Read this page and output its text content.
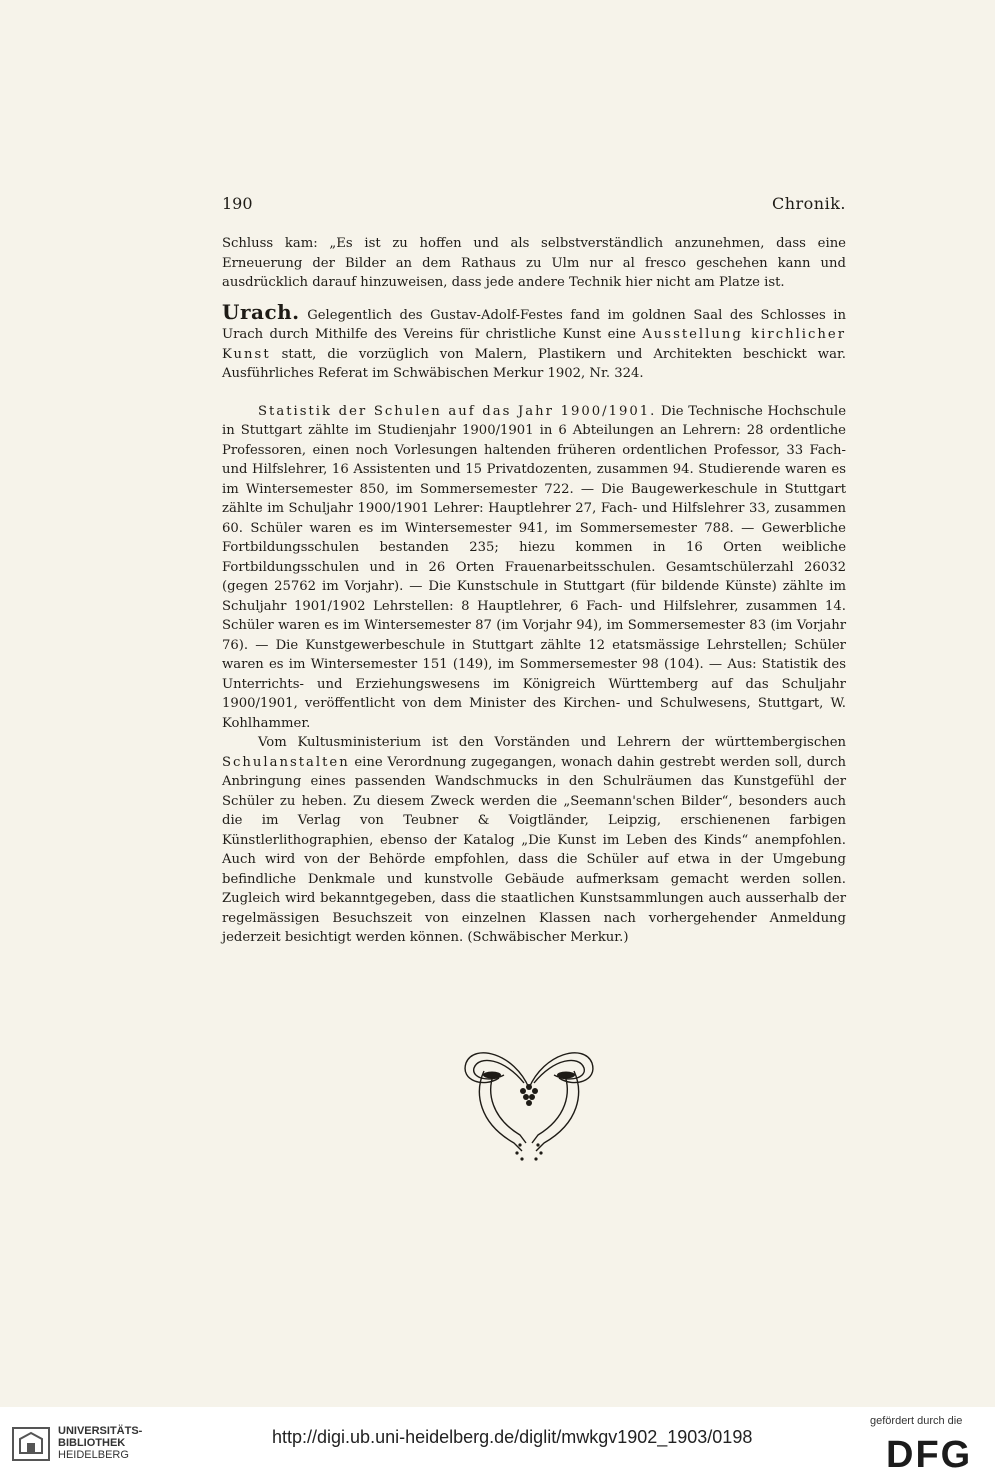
190	Chronik.

Schluss kam: „Es ist zu hoffen und als selbstverständlich anzunehmen, dass eine Erneuerung der Bilder an dem Rathaus zu Ulm nur al fresco geschehen kann und ausdrücklich darauf hinzuweisen, dass jede andere Technik hier nicht am Platze ist.

Urach. Gelegentlich des Gustav-Adolf-Festes fand im goldnen Saal des Schlosses in Urach durch Mithilfe des Vereins für christliche Kunst eine Ausstellung kirchlicher Kunst statt, die vorzüglich von Malern, Plastikern und Architekten beschickt war. Ausführliches Referat im Schwäbischen Merkur 1902, Nr. 324.

Statistik der Schulen auf das Jahr 1900/1901. Die Technische Hochschule in Stuttgart zählte im Studienjahr 1900/1901 in 6 Abteilungen an Lehrern: 28 ordentliche Professoren, einen noch Vorlesungen haltenden früheren ordentlichen Professor, 33 Fach- und Hilfslehrer, 16 Assistenten und 15 Privatdozenten, zusammen 94. Studierende waren es im Wintersemester 850, im Sommersemester 722. — Die Baugewerkeschule in Stuttgart zählte im Schuljahr 1900/1901 Lehrer: Hauptlehrer 27, Fach- und Hilfslehrer 33, zusammen 60. Schüler waren es im Wintersemester 941, im Sommersemester 788. — Gewerbliche Fortbildungsschulen bestanden 235; hiezu kommen in 16 Orten weibliche Fortbildungsschulen und in 26 Orten Frauenarbeitsschulen. Gesamtschülerzahl 26032 (gegen 25762 im Vorjahr). — Die Kunstschule in Stuttgart (für bildende Künste) zählte im Schuljahr 1901/1902 Lehrstellen: 8 Hauptlehrer, 6 Fach- und Hilfslehrer, zusammen 14. Schüler waren es im Wintersemester 87 (im Vorjahr 94), im Sommersemester 83 (im Vorjahr 76). — Die Kunstgewerbeschule in Stuttgart zählte 12 etatsmässige Lehrstellen; Schüler waren es im Wintersemester 151 (149), im Sommersemester 98 (104). — Aus: Statistik des Unterrichts- und Erziehungswesens im Königreich Württemberg auf das Schuljahr 1900/1901, veröffentlicht von dem Minister des Kirchen- und Schulwesens, Stuttgart, W. Kohlhammer.

Vom Kultusministerium ist den Vorständen und Lehrern der württembergischen Schulanstalten eine Verordnung zugegangen, wonach dahin gestrebt werden soll, durch Anbringung eines passenden Wandschmucks in den Schulräumen das Kunstgefühl der Schüler zu heben. Zu diesem Zweck werden die „Seemann'schen Bilder“, besonders auch die im Verlag von Teubner & Voigtländer, Leipzig, erschienenen farbigen Künstlerlithographien, ebenso der Katalog „Die Kunst im Leben des Kinds“ anempfohlen. Auch wird von der Behörde empfohlen, dass die Schüler auf etwa in der Umgebung befindliche Denkmale und kunstvolle Gebäude aufmerksam gemacht werden sollen. Zugleich wird bekanntgegeben, dass die staatlichen Kunstsammlungen auch ausserhalb der regelmässigen Besuchszeit von einzelnen Klassen nach vorhergehender Anmeldung jederzeit besichtigt werden können. (Schwäbischer Merkur.)

UNIVERSITÄTS-
BIBLIOTHEK
HEIDELBERG
http://digi.ub.uni-heidelberg.de/diglit/mwkgv1902_1903/0198
gefördert durch die
DFG
